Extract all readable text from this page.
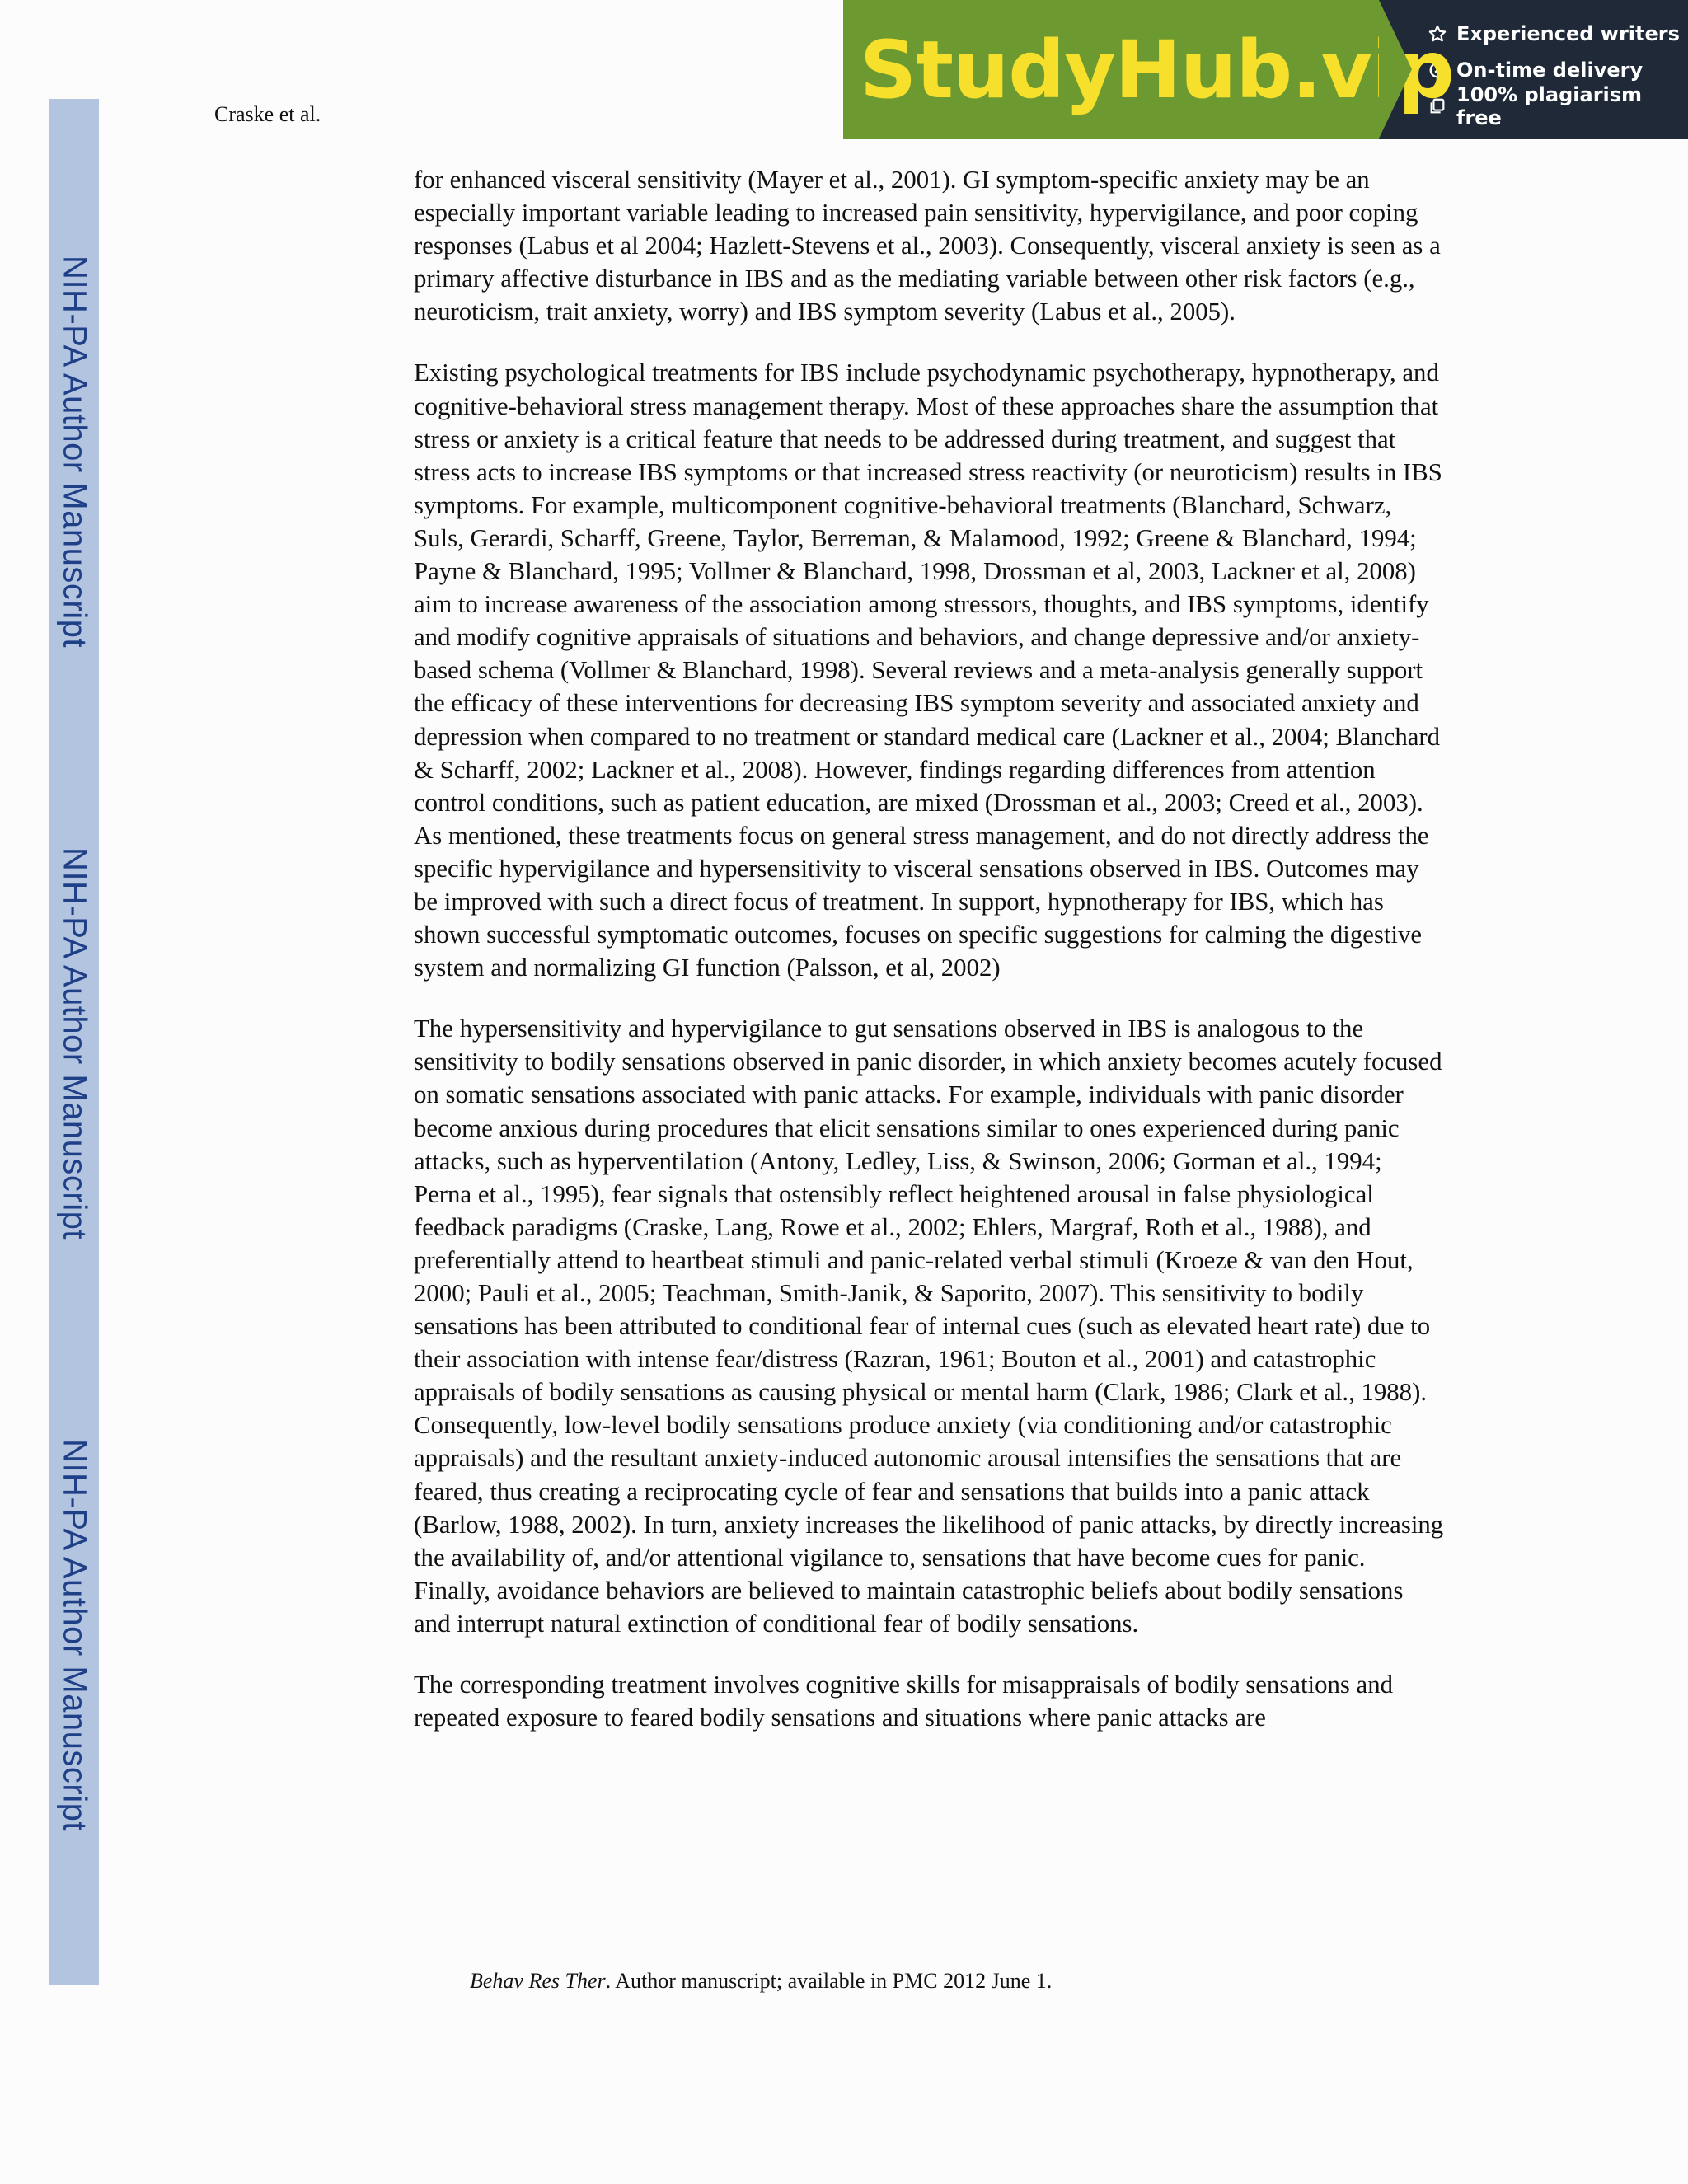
NIH-PA Author Manuscript
NIH-PA Author Manuscript
NIH-PA Author Manuscript
Craske et al.	StudyHub.vip Experienced writers
On-time delivery
100% plagiarism free

for enhanced visceral sensitivity (Mayer et al., 2001). GI symptom-specific anxiety may be an especially important variable leading to increased pain sensitivity, hypervigilance, and poor coping responses (Labus et al 2004; Hazlett-Stevens et al., 2003). Consequently, visceral anxiety is seen as a primary affective disturbance in IBS and as the mediating variable between other risk factors (e.g., neuroticism, trait anxiety, worry) and IBS symptom severity (Labus et al., 2005).

Existing psychological treatments for IBS include psychodynamic psychotherapy, hypnotherapy, and cognitive-behavioral stress management therapy. Most of these approaches share the assumption that stress or anxiety is a critical feature that needs to be addressed during treatment, and suggest that stress acts to increase IBS symptoms or that increased stress reactivity (or neuroticism) results in IBS symptoms. For example, multicomponent cognitive-behavioral treatments (Blanchard, Schwarz, Suls, Gerardi, Scharff, Greene, Taylor, Berreman, & Malamood, 1992; Greene & Blanchard, 1994; Payne & Blanchard, 1995; Vollmer & Blanchard, 1998, Drossman et al, 2003, Lackner et al, 2008) aim to increase awareness of the association among stressors, thoughts, and IBS symptoms, identify and modify cognitive appraisals of situations and behaviors, and change depressive and/or anxiety-based schema (Vollmer & Blanchard, 1998). Several reviews and a meta-analysis generally support the efficacy of these interventions for decreasing IBS symptom severity and associated anxiety and depression when compared to no treatment or standard medical care (Lackner et al., 2004; Blanchard & Scharff, 2002; Lackner et al., 2008). However, findings regarding differences from attention control conditions, such as patient education, are mixed (Drossman et al., 2003; Creed et al., 2003). As mentioned, these treatments focus on general stress management, and do not directly address the specific hypervigilance and hypersensitivity to visceral sensations observed in IBS. Outcomes may be improved with such a direct focus of treatment. In support, hypnotherapy for IBS, which has shown successful symptomatic outcomes, focuses on specific suggestions for calming the digestive system and normalizing GI function (Palsson, et al, 2002)

The hypersensitivity and hypervigilance to gut sensations observed in IBS is analogous to the sensitivity to bodily sensations observed in panic disorder, in which anxiety becomes acutely focused on somatic sensations associated with panic attacks. For example, individuals with panic disorder become anxious during procedures that elicit sensations similar to ones experienced during panic attacks, such as hyperventilation (Antony, Ledley, Liss, & Swinson, 2006; Gorman et al., 1994; Perna et al., 1995), fear signals that ostensibly reflect heightened arousal in false physiological feedback paradigms (Craske, Lang, Rowe et al., 2002; Ehlers, Margraf, Roth et al., 1988), and preferentially attend to heartbeat stimuli and panic-related verbal stimuli (Kroeze & van den Hout, 2000; Pauli et al., 2005; Teachman, Smith-Janik, & Saporito, 2007). This sensitivity to bodily sensations has been attributed to conditional fear of internal cues (such as elevated heart rate) due to their association with intense fear/distress (Razran, 1961; Bouton et al., 2001) and catastrophic appraisals of bodily sensations as causing physical or mental harm (Clark, 1986; Clark et al., 1988). Consequently, low-level bodily sensations produce anxiety (via conditioning and/or catastrophic appraisals) and the resultant anxiety-induced autonomic arousal intensifies the sensations that are feared, thus creating a reciprocating cycle of fear and sensations that builds into a panic attack (Barlow, 1988, 2002). In turn, anxiety increases the likelihood of panic attacks, by directly increasing the availability of, and/or attentional vigilance to, sensations that have become cues for panic. Finally, avoidance behaviors are believed to maintain catastrophic beliefs about bodily sensations and interrupt natural extinction of conditional fear of bodily sensations.

The corresponding treatment involves cognitive skills for misappraisals of bodily sensations and repeated exposure to feared bodily sensations and situations where panic attacks are

Behav Res Ther. Author manuscript; available in PMC 2012 June 1.
